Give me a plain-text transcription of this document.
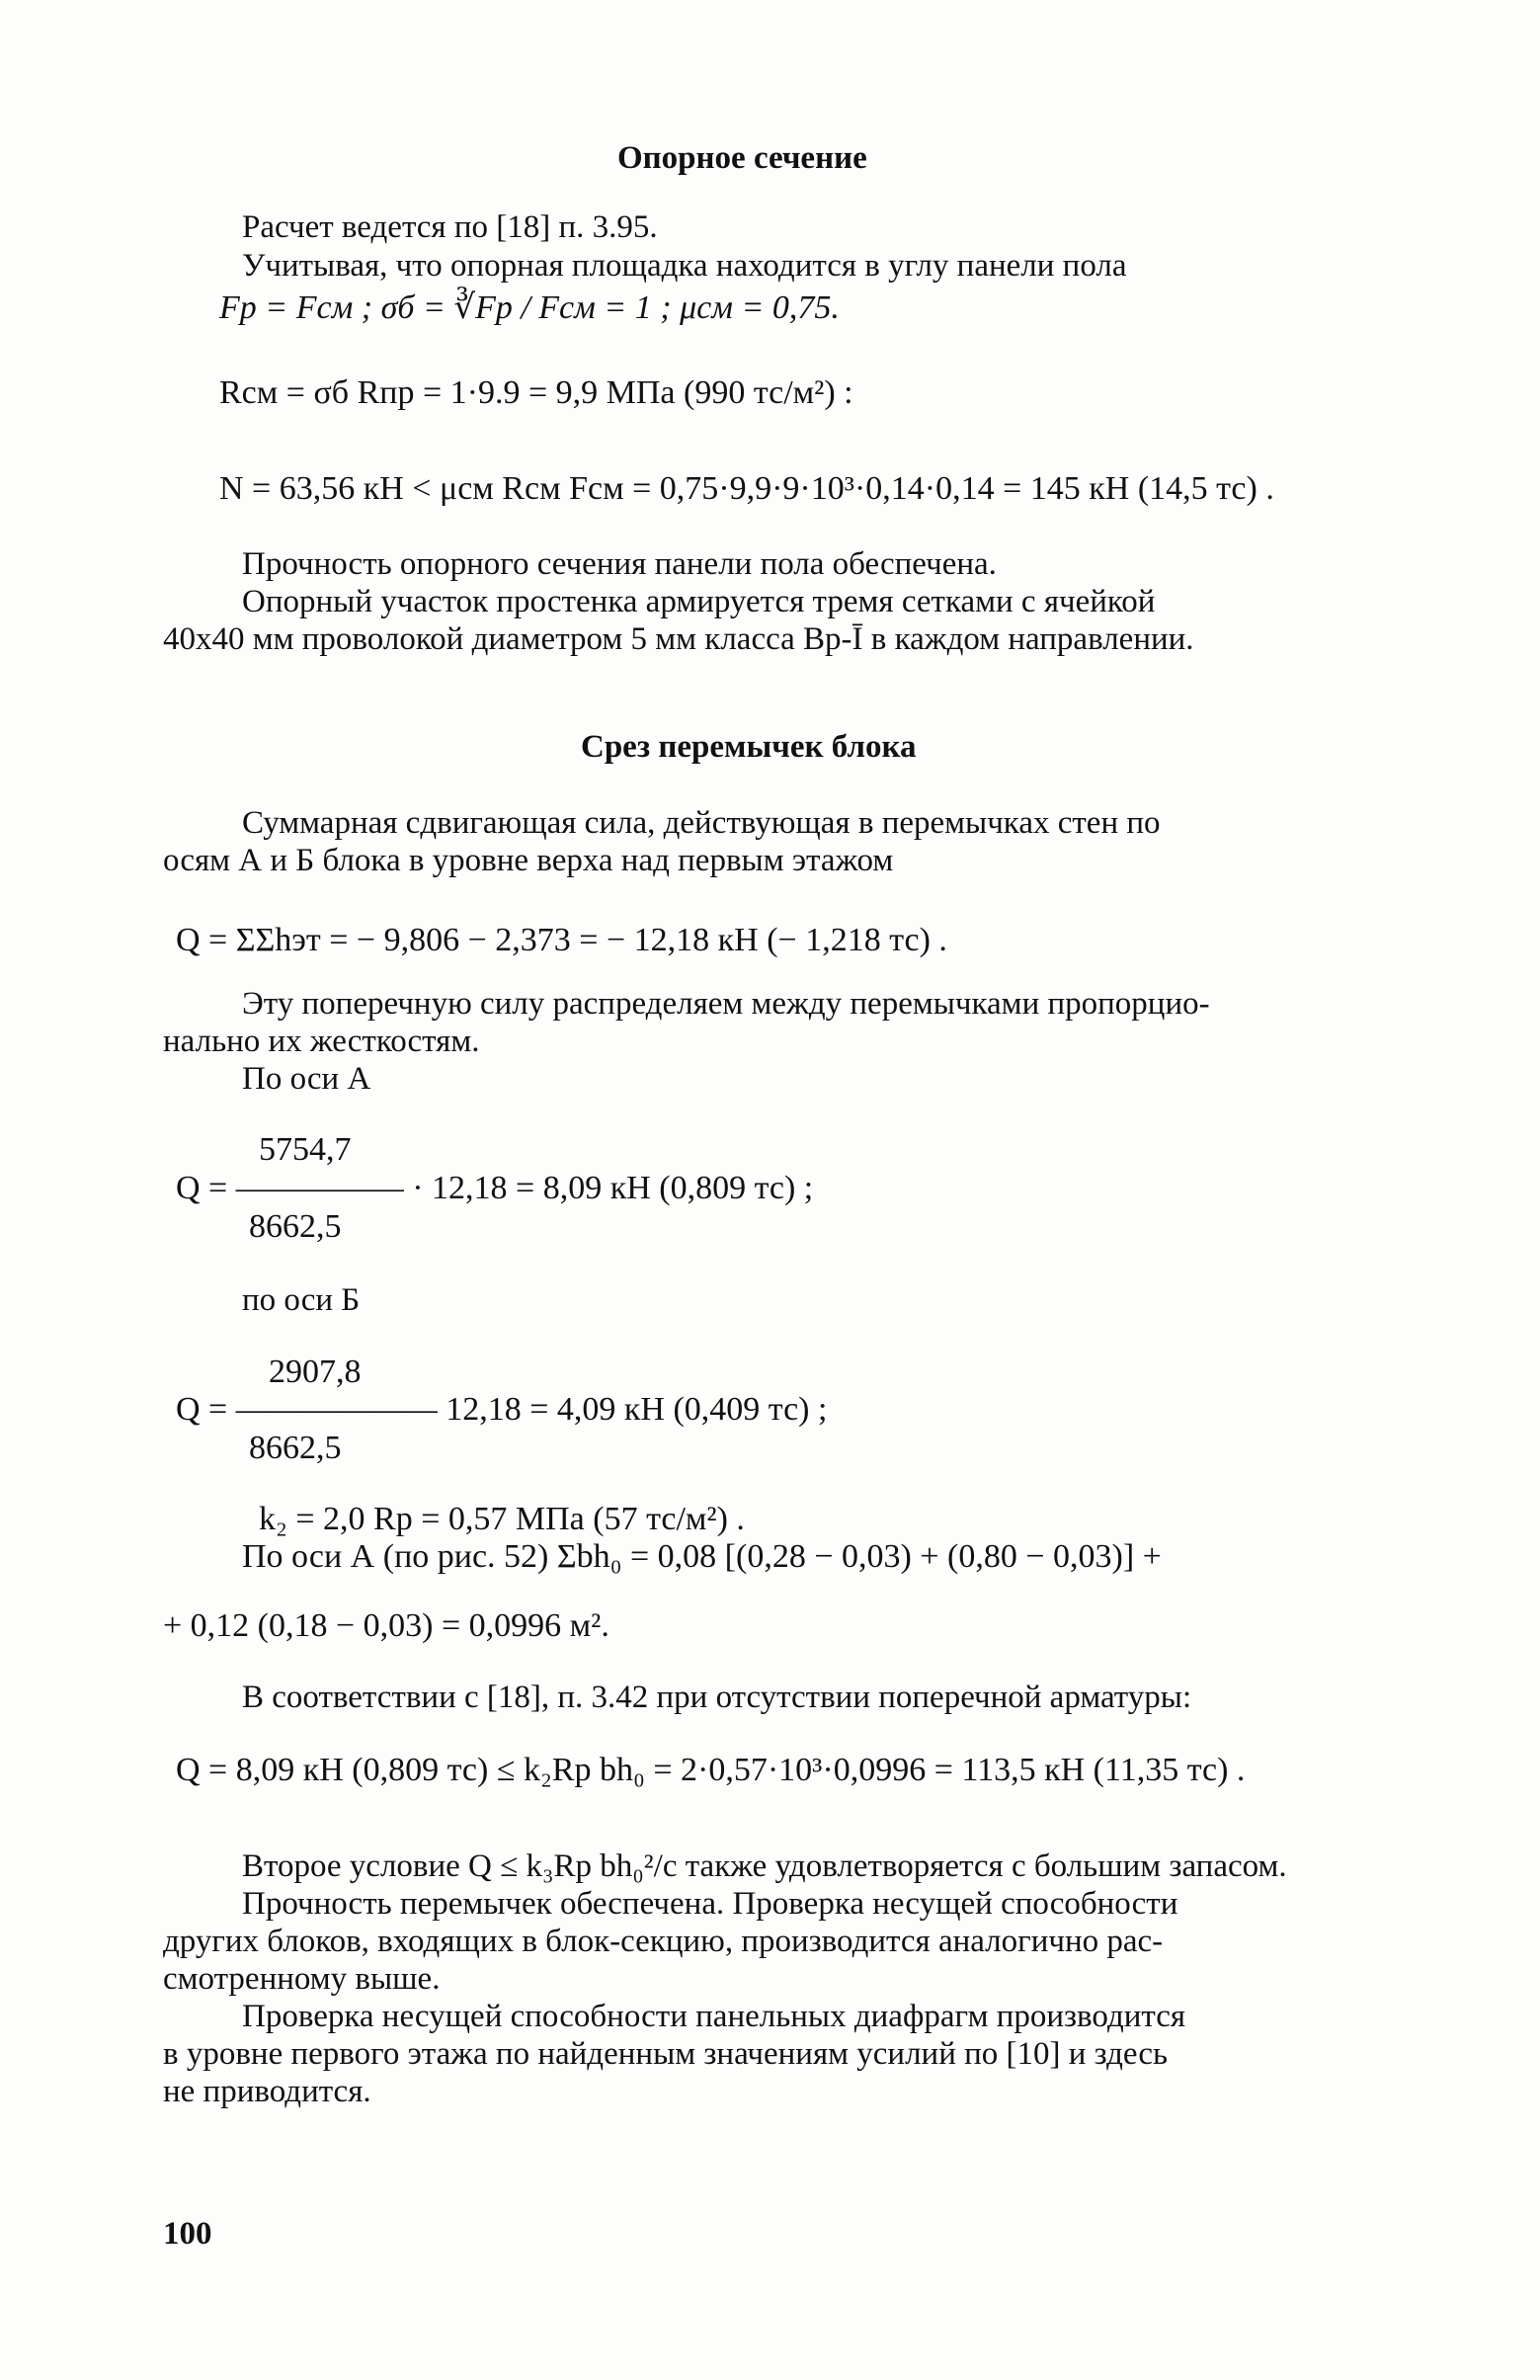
Опорное сечение
Расчет ведется по [18] п. 3.95.
Учитывая, что опорная площадка находится в углу панели пола
Fp = Fсм ; σб = ∛Fp / Fсм = 1 ; μсм = 0,75.
Rсм = σб Rпр = 1·9.9 = 9,9 МПа (990 тс/м²) :
N = 63,56 кН < μсм Rсм Fсм = 0,75·9,9·9·10³·0,14·0,14 = 145 кН (14,5 тс) .
Прочность опорного сечения панели пола обеспечена.
Опорный участок простенка армируется тремя сетками с ячейкой
40х40 мм проволокой диаметром 5 мм класса Вр-Ī в каждом направлении.
Срез перемычек блока
Суммарная сдвигающая сила, действующая в перемычках стен по
осям А и Б блока в уровне верха над первым этажом
Q = ΣΣhэт = − 9,806 − 2,373 = − 12,18 кН (− 1,218 тс) .
Эту поперечную силу распределяем между перемычками пропорцио-
нально их жесткостям.
По оси А
5754,7
Q = ————— · 12,18 = 8,09 кН (0,809 тс) ;
8662,5
по оси Б
2907,8
Q = —————— 12,18 = 4,09 кН (0,409 тс) ;
8662,5
k₂ = 2,0 Rp = 0,57 МПа (57 тс/м²) .
По оси А (по рис. 52) Σbh₀ = 0,08 [(0,28 − 0,03) + (0,80 − 0,03)] +
+ 0,12 (0,18 − 0,03) = 0,0996 м².
В соответствии с [18], п. 3.42 при отсутствии поперечной арматуры:
Q = 8,09 кН (0,809 тс) ≤ k₂Rp bh₀ = 2·0,57·10³·0,0996 = 113,5 кН (11,35 тс) .
Второе условие Q ≤ k₃Rp bh₀²/c также удовлетворяется с большим запасом.
Прочность перемычек обеспечена. Проверка несущей способности
других блоков, входящих в блок-секцию, производится аналогично рас-
смотренному выше.
Проверка несущей способности панельных диафрагм производится
в уровне первого этажа по найденным значениям усилий по [10] и здесь
не приводится.
100
